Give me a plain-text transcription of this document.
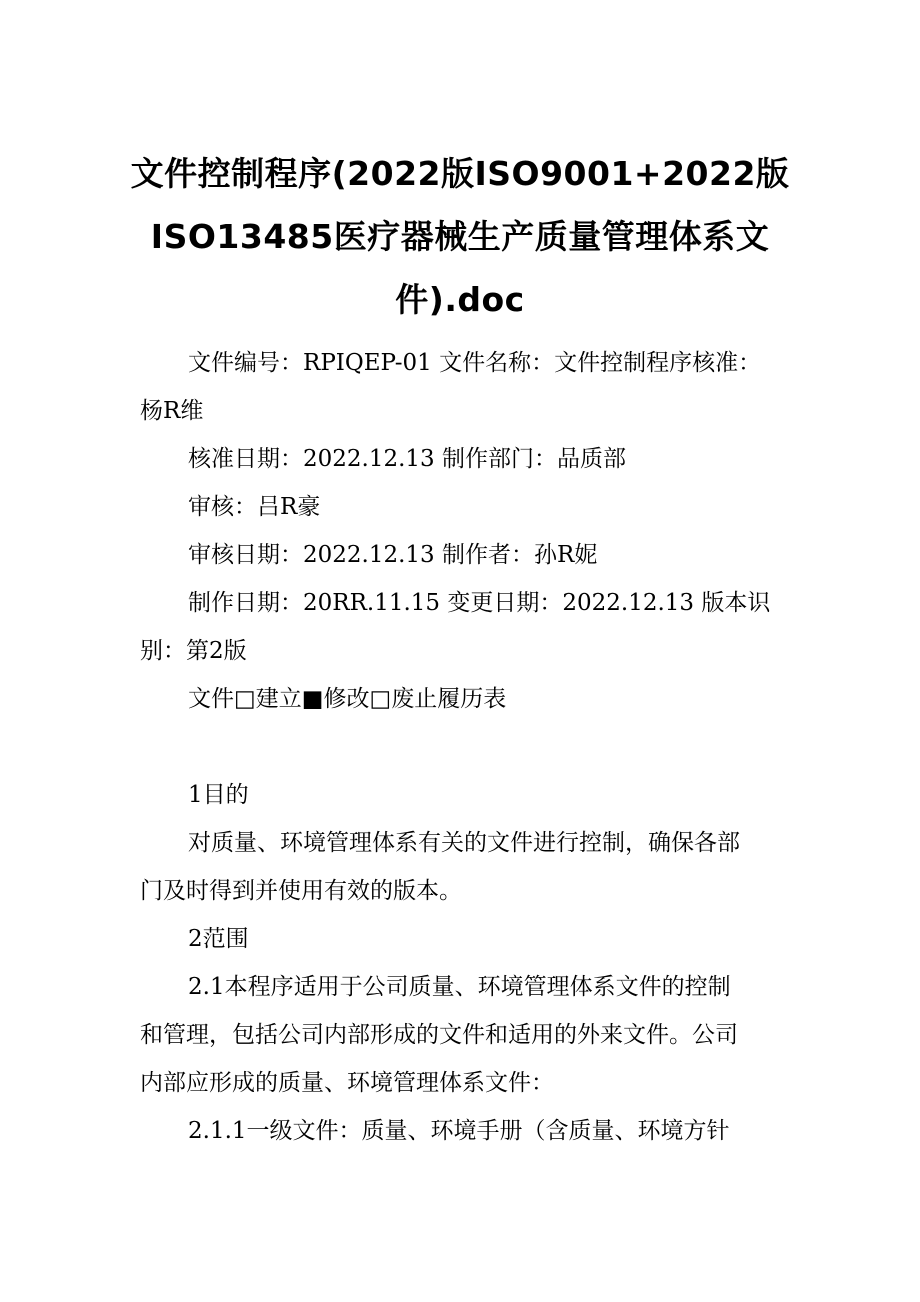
文件控制程序(2022版ISO9001+2022版
ISO13485医疗器械生产质量管理体系文
件).doc
文件编号：RPIQEP-01 文件名称：文件控制程序核准：
杨R维
核准日期：2022.12.13 制作部门：品质部
审核：吕R豪
审核日期：2022.12.13 制作者：孙R妮
制作日期：20RR.11.15 变更日期：2022.12.13 版本识
别：第2版
文件□建立■修改□废止履历表
1目的
对质量、环境管理体系有关的文件进行控制，确保各部
门及时得到并使用有效的版本。
2范围
2.1本程序适用于公司质量、环境管理体系文件的控制
和管理，包括公司内部形成的文件和适用的外来文件。公司
内部应形成的质量、环境管理体系文件：
2.1.1一级文件：质量、环境手册（含质量、环境方针
